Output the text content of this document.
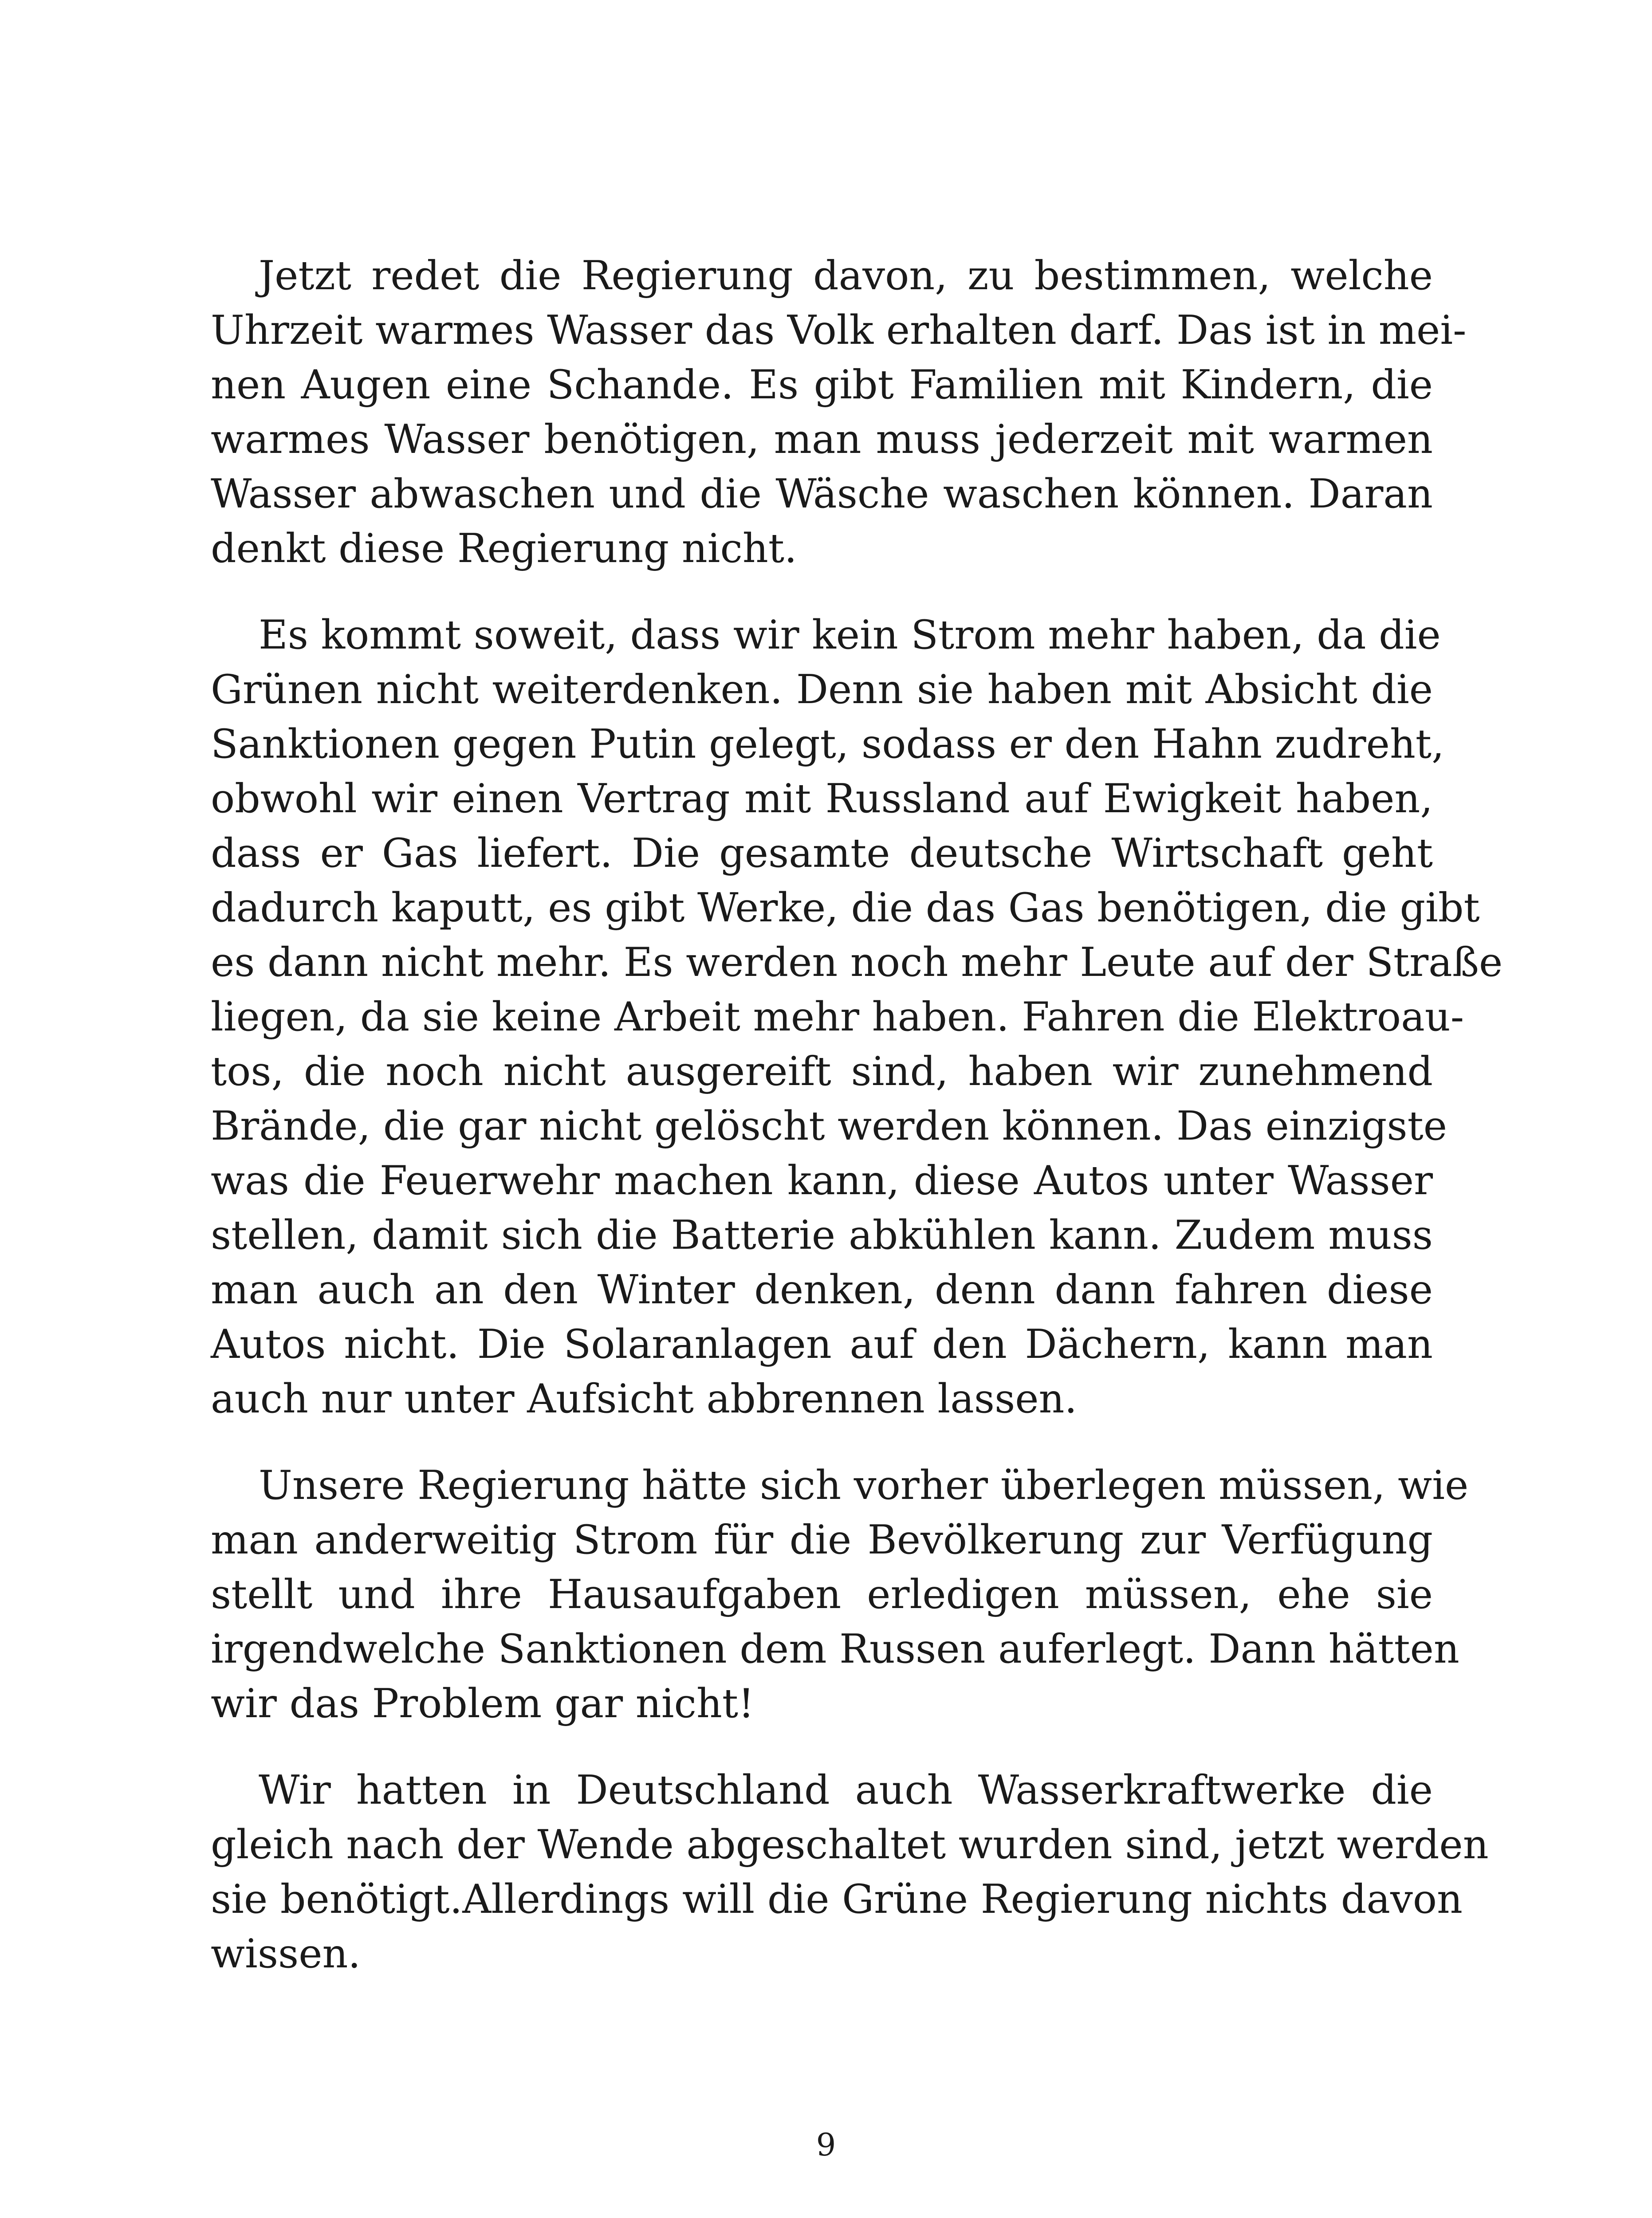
Jetzt redet die Regierung davon, zu bestimmen, welche
Uhrzeit warmes Wasser das Volk erhalten darf. Das ist in mei-
nen Augen eine Schande. Es gibt Familien mit Kindern, die
warmes Wasser benötigen, man muss jederzeit mit warmen
Wasser abwaschen und die Wäsche waschen können. Daran
denkt diese Regierung nicht.
Es kommt soweit, dass wir kein Strom mehr haben, da die
Grünen nicht weiterdenken. Denn sie haben mit Absicht die
Sanktionen gegen Putin gelegt, sodass er den Hahn zudreht,
obwohl wir einen Vertrag mit Russland auf Ewigkeit haben,
dass er Gas liefert. Die gesamte deutsche Wirtschaft geht
dadurch kaputt, es gibt Werke, die das Gas benötigen, die gibt
es dann nicht mehr. Es werden noch mehr Leute auf der Straße
liegen, da sie keine Arbeit mehr haben. Fahren die Elektroau-
tos, die noch nicht ausgereift sind, haben wir zunehmend
Brände, die gar nicht gelöscht werden können. Das einzigste
was die Feuerwehr machen kann, diese Autos unter Wasser
stellen, damit sich die Batterie abkühlen kann. Zudem muss
man auch an den Winter denken, denn dann fahren diese
Autos nicht. Die Solaranlagen auf den Dächern, kann man
auch nur unter Aufsicht abbrennen lassen.
Unsere Regierung hätte sich vorher überlegen müssen, wie
man anderweitig Strom für die Bevölkerung zur Verfügung
stellt und ihre Hausaufgaben erledigen müssen, ehe sie
irgendwelche Sanktionen dem Russen auferlegt. Dann hätten
wir das Problem gar nicht!
Wir hatten in Deutschland auch Wasserkraftwerke die
gleich nach der Wende abgeschaltet wurden sind, jetzt werden
sie benötigt.Allerdings will die Grüne Regierung nichts davon
wissen.
9
